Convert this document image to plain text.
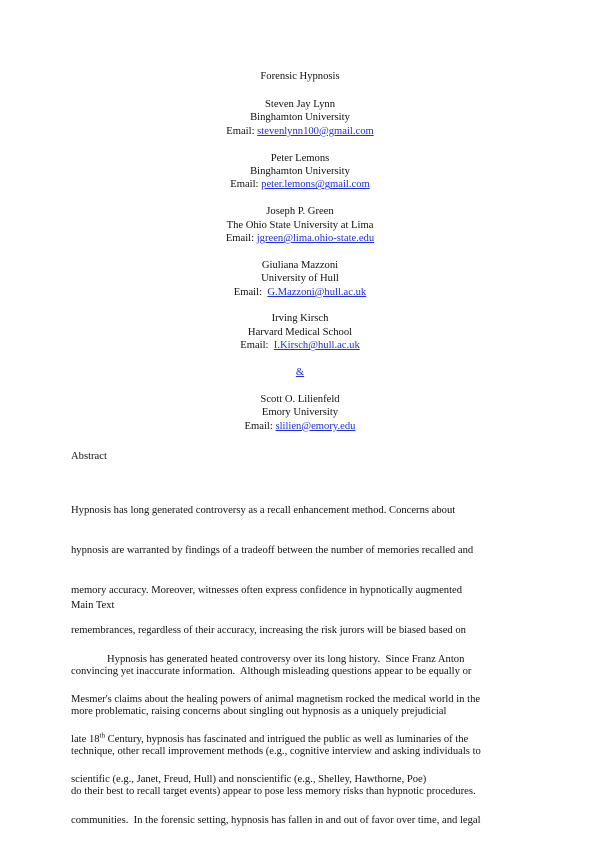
Forensic Hypnosis
Steven Jay Lynn
Binghamton University
Email: stevenlynn100@gmail.com
Peter Lemons
Binghamton University
Email: peter.lemons@gmail.com
Joseph P. Green
The Ohio State University at Lima
Email: jgreen@lima.ohio-state.edu
Giuliana Mazzoni
University of Hull
Email: G.Mazzoni@hull.ac.uk
Irving Kirsch
Harvard Medical School
Email: I.Kirsch@hull.ac.uk
&
Scott O. Lilienfeld
Emory University
Email: slilien@emory.edu
Abstract

Hypnosis has long generated controversy as a recall enhancement method. Concerns about

hypnosis are warranted by findings of a tradeoff between the number of memories recalled and

memory accuracy. Moreover, witnesses often express confidence in hypnotically augmented

remembrances, regardless of their accuracy, increasing the risk jurors will be biased based on

convincing yet inaccurate information.  Although misleading questions appear to be equally or

more problematic, raising concerns about singling out hypnosis as a uniquely prejudicial

technique, other recall improvement methods (e.g., cognitive interview and asking individuals to

do their best to recall target events) appear to pose less memory risks than hypnotic procedures.

Main Text

Hypnosis has generated heated controversy over its long history.  Since Franz Anton

Mesmer's claims about the healing powers of animal magnetism rocked the medical world in the

late 18th Century, hypnosis has fascinated and intrigued the public as well as luminaries of the

scientific (e.g., Janet, Freud, Hull) and nonscientific (e.g., Shelley, Hawthorne, Poe)

communities.  In the forensic setting, hypnosis has fallen in and out of favor over time, and legal
